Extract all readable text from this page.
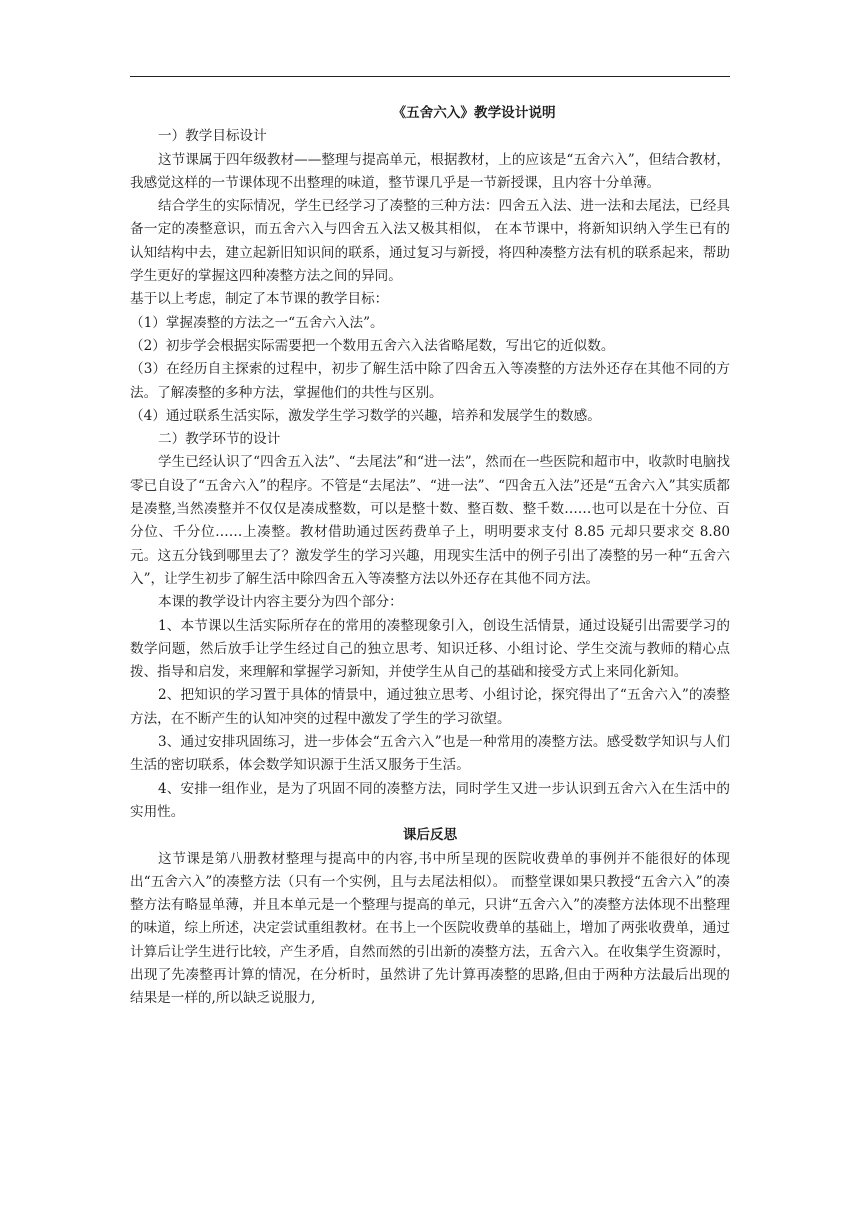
《五舍六入》教学设计说明

一）教学目标设计

这节课属于四年级教材——整理与提高单元，根据教材，上的应该是“五舍六入”，但结合教材，我感觉这样的一节课体现不出整理的味道，整节课几乎是一节新授课，且内容十分单薄。

结合学生的实际情况，学生已经学习了凑整的三种方法：四舍五入法、进一法和去尾法，已经具备一定的凑整意识，而五舍六入与四舍五入法又极其相似， 在本节课中，将新知识纳入学生已有的认知结构中去，建立起新旧知识间的联系，通过复习与新授，将四种凑整方法有机的联系起来，帮助学生更好的掌握这四种凑整方法之间的异同。

基于以上考虑，制定了本节课的教学目标：

（1）掌握凑整的方法之一“五舍六入法”。

（2）初步学会根据实际需要把一个数用五舍六入法省略尾数，写出它的近似数。

（3）在经历自主探索的过程中，初步了解生活中除了四舍五入等凑整的方法外还存在其他不同的方法。了解凑整的多种方法，掌握他们的共性与区别。

（4）通过联系生活实际，激发学生学习数学的兴趣，培养和发展学生的数感。

二）教学环节的设计

学生已经认识了“四舍五入法”、“去尾法”和“进一法”，然而在一些医院和超市中，收款时电脑找零已自设了“五舍六入”的程序。不管是“去尾法”、“进一法”、“四舍五入法”还是“五舍六入”其实质都是凑整,当然凑整并不仅仅是凑成整数，可以是整十数、整百数、整千数……也可以是在十分位、百分位、千分位……上凑整。教材借助通过医药费单子上，明明要求支付 8.85 元却只要求交 8.80 元。这五分钱到哪里去了？激发学生的学习兴趣，用现实生活中的例子引出了凑整的另一种“五舍六入”，让学生初步了解生活中除四舍五入等凑整方法以外还存在其他不同方法。

本课的教学设计内容主要分为四个部分：

1、本节课以生活实际所存在的常用的凑整现象引入，创设生活情景，通过设疑引出需要学习的数学问题，然后放手让学生经过自己的独立思考、知识迁移、小组讨论、学生交流与教师的精心点拨、指导和启发，来理解和掌握学习新知，并使学生从自己的基础和接受方式上来同化新知。

2、把知识的学习置于具体的情景中，通过独立思考、小组讨论，探究得出了“五舍六入”的凑整方法，在不断产生的认知冲突的过程中激发了学生的学习欲望。

3、通过安排巩固练习，进一步体会“五舍六入”也是一种常用的凑整方法。感受数学知识与人们生活的密切联系，体会数学知识源于生活又服务于生活。

4、安排一组作业，是为了巩固不同的凑整方法，同时学生又进一步认识到五舍六入在生活中的实用性。

课后反思

这节课是第八册教材整理与提高中的内容,书中所呈现的医院收费单的事例并不能很好的体现出“五舍六入”的凑整方法（只有一个实例，且与去尾法相似）。 而整堂课如果只教授“五舍六入”的凑整方法有略显单薄，并且本单元是一个整理与提高的单元，只讲“五舍六入”的凑整方法体现不出整理的味道，综上所述，决定尝试重组教材。在书上一个医院收费单的基础上，增加了两张收费单，通过计算后让学生进行比较，产生矛盾，自然而然的引出新的凑整方法，五舍六入。在收集学生资源时，出现了先凑整再计算的情况，在分析时，虽然讲了先计算再凑整的思路,但由于两种方法最后出现的结果是一样的,所以缺乏说服力,
